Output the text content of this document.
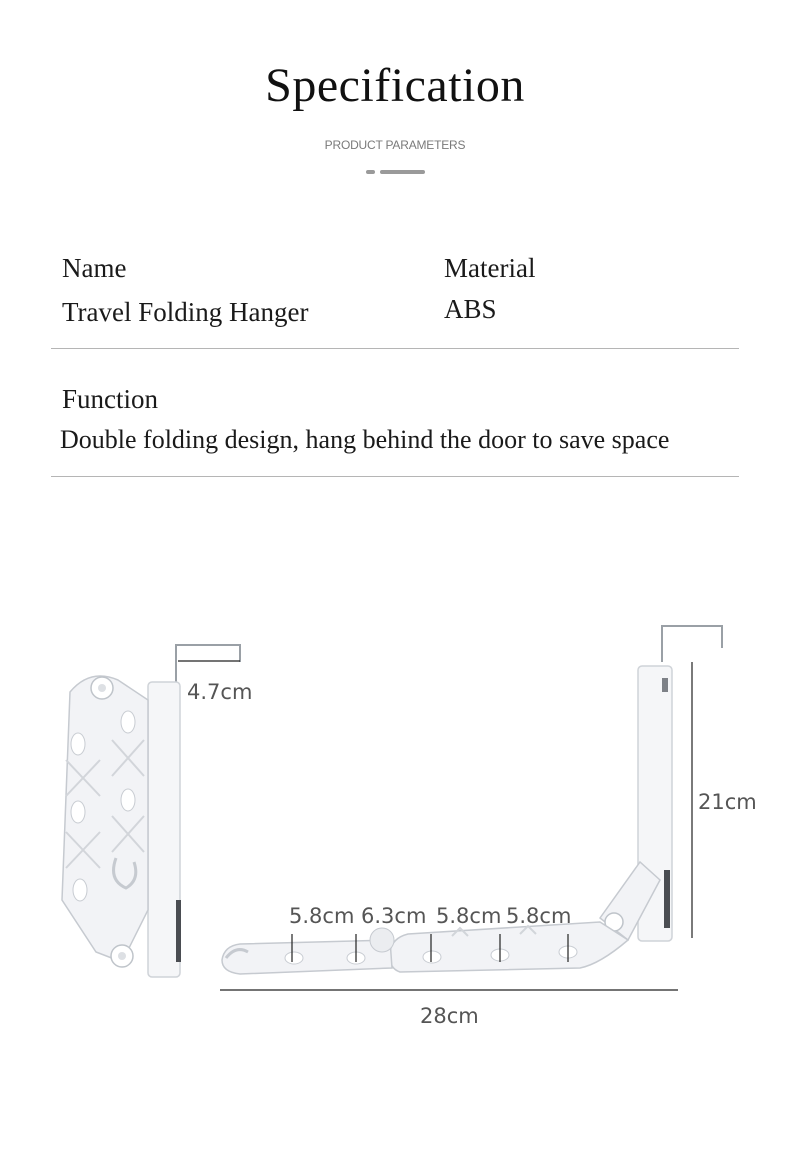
Specification
PRODUCT PARAMETERS
Name
Travel Folding Hanger
Material
ABS
Function
Double folding design, hang behind the door to save space
4.7cm
21cm
5.8cm 6.3cm 5.8cm 5.8cm
28cm
